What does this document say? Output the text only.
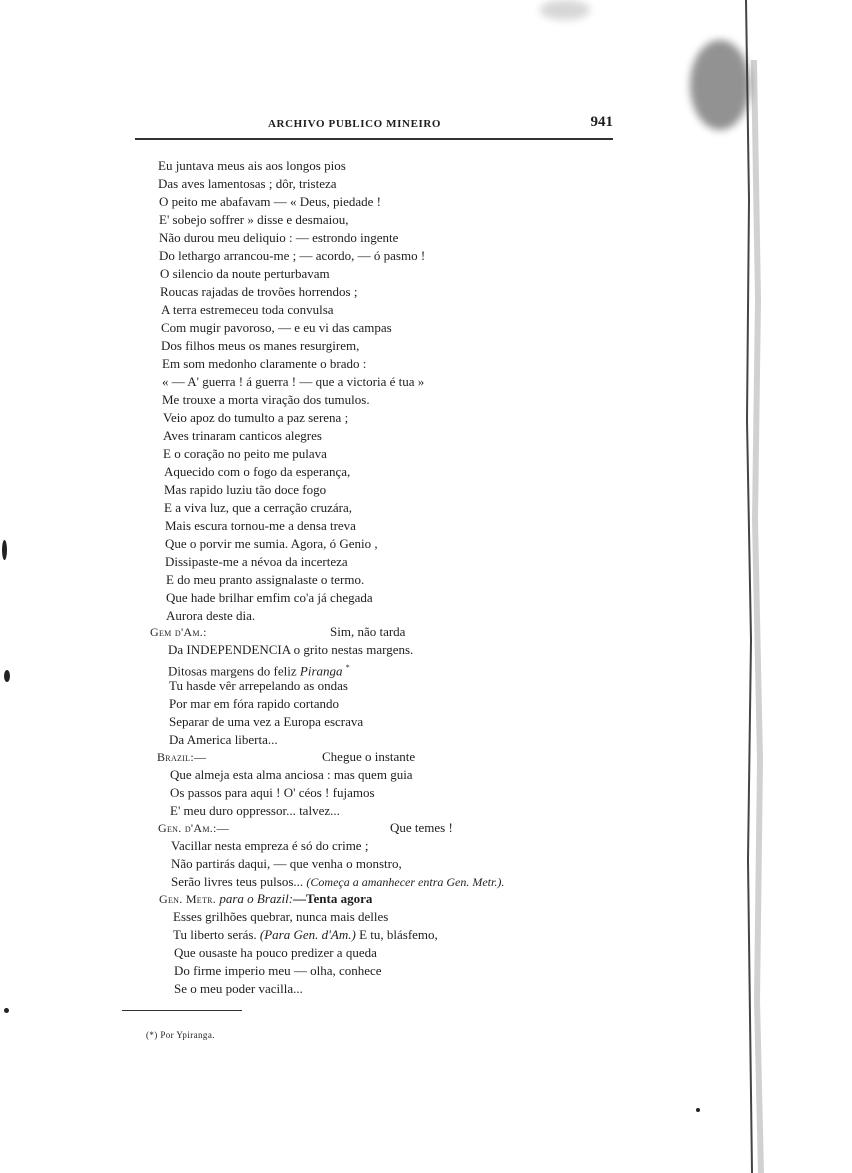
ARCHIVO PUBLICO MINEIRO	941
Eu juntava meus ais aos longos pios
Das aves lamentosas ; dôr, tristeza
O peito me abafavam — « Deus, piedade !
E' sobejo soffrer » disse e desmaiou,
Não durou meu deliquio : — estrondo ingente
Do lethargo arrancou-me ; — acordo, — ó pasmo !
O silencio da noute perturbavam
Roucas rajadas de trovões horrendos ;
A terra estremeceu toda convulsa
Com mugir pavoroso, — e eu vi das campas
Dos filhos meus os manes resurgirem,
Em som medonho claramente o brado :
« — A' guerra ! á guerra ! — que a victoria é tua »
Me trouxe a morta viração dos tumulos.
Veio apoz do tumulto a paz serena ;
Aves trinaram canticos alegres
E o coração no peito me pulava
Aquecido com o fogo da esperança,
Mas rapido luziu tão doce fogo
E a viva luz, que a cerração cruzára,
Mais escura tornou-me a densa treva
Que o porvir me sumia. Agora, ó Genio ,
Dissipaste-me a névoa da incerteza
E do meu pranto assignalaste o termo.
Que hade brilhar emfim co'a já chegada
Aurora deste dia.
Gem d'Am.:	Sim, não tarda
Da INDEPENDENCIA o grito nestas margens.
Ditosas margens do feliz Piranga *
Tu hasde vêr arrepelando as ondas
Por mar em fóra rapido cortando
Separar de uma vez a Europa escrava
Da America liberta...
Brazil:—	Chegue o instante
Que almeja esta alma anciosa : mas quem guia
Os passos para aqui ! O' céos ! fujamos
E' meu duro oppressor... talvez...
Gen. d'Am.:—	Que temes !
Vacillar nesta empreza é só do crime ;
Não partirás daqui, — que venha o monstro,
Serão livres teus pulsos... (Começa a amanhecer entra Gen. Metr.).
Gen. Metr. para o Brazil:—Tenta agora
Esses grilhões quebrar, nunca mais delles
Tu liberto serás. (Para Gen. d'Am.) E tu, blásfemo,
Que ousaste ha pouco predizer a queda
Do firme imperio meu — olha, conhece
Se o meu poder vacilla...
(*) Por Ypiranga.
